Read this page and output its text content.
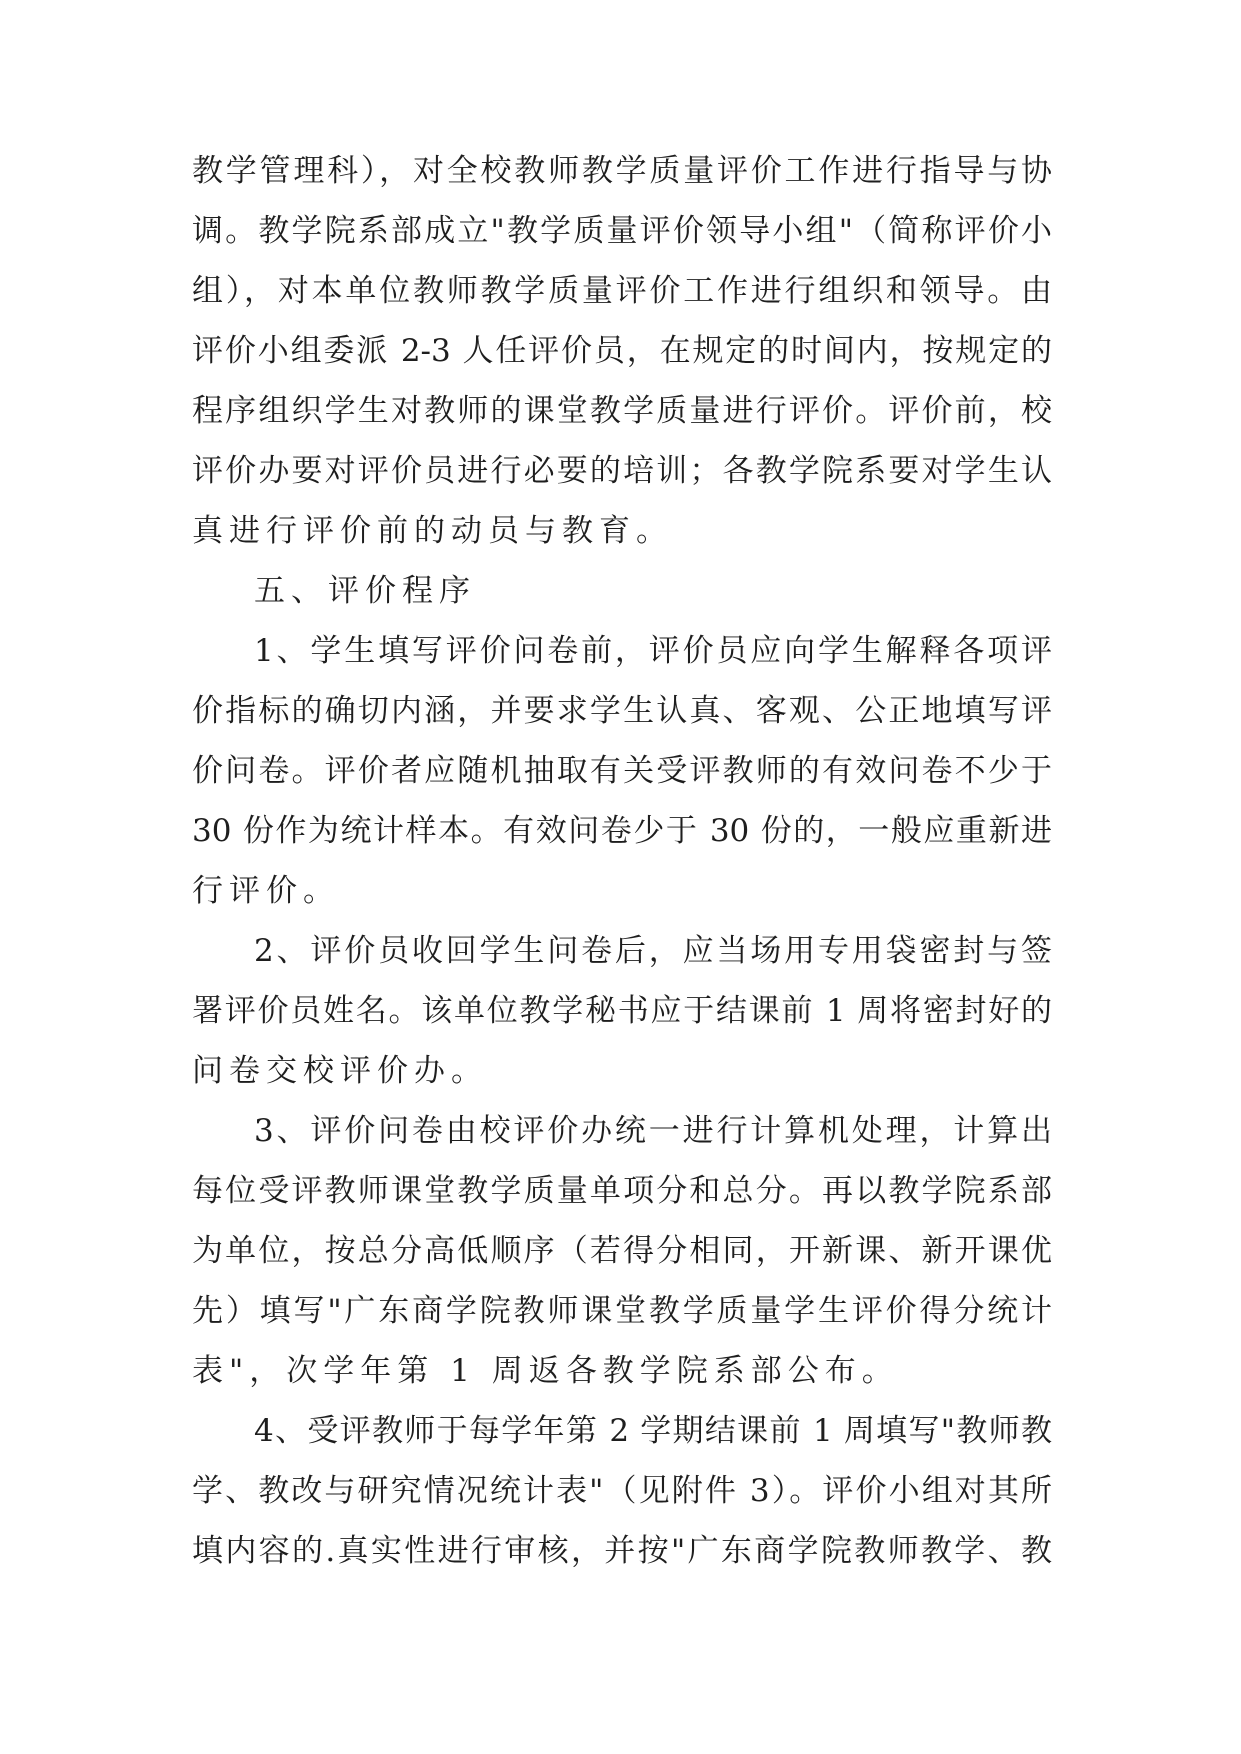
教学管理科），对全校教师教学质量评价工作进行指导与协
调。教学院系部成立"教学质量评价领导小组"（简称评价小
组），对本单位教师教学质量评价工作进行组织和领导。由
评价小组委派 2-3 人任评价员，在规定的时间内，按规定的
程序组织学生对教师的课堂教学质量进行评价。评价前，校
评价办要对评价员进行必要的培训；各教学院系要对学生认
真进行评价前的动员与教育。
五、评价程序
1、学生填写评价问卷前，评价员应向学生解释各项评
价指标的确切内涵，并要求学生认真、客观、公正地填写评
价问卷。评价者应随机抽取有关受评教师的有效问卷不少于
30 份作为统计样本。有效问卷少于 30 份的，一般应重新进
行评价。
2、评价员收回学生问卷后，应当场用专用袋密封与签
署评价员姓名。该单位教学秘书应于结课前 1 周将密封好的
问卷交校评价办。
3、评价问卷由校评价办统一进行计算机处理，计算出
每位受评教师课堂教学质量单项分和总分。再以教学院系部
为单位，按总分高低顺序（若得分相同，开新课、新开课优
先）填写"广东商学院教师课堂教学质量学生评价得分统计
表"，次学年第 1 周返各教学院系部公布。
4、受评教师于每学年第 2 学期结课前 1 周填写"教师教
学、教改与研究情况统计表"（见附件 3）。评价小组对其所
填内容的.真实性进行审核，并按"广东商学院教师教学、教
